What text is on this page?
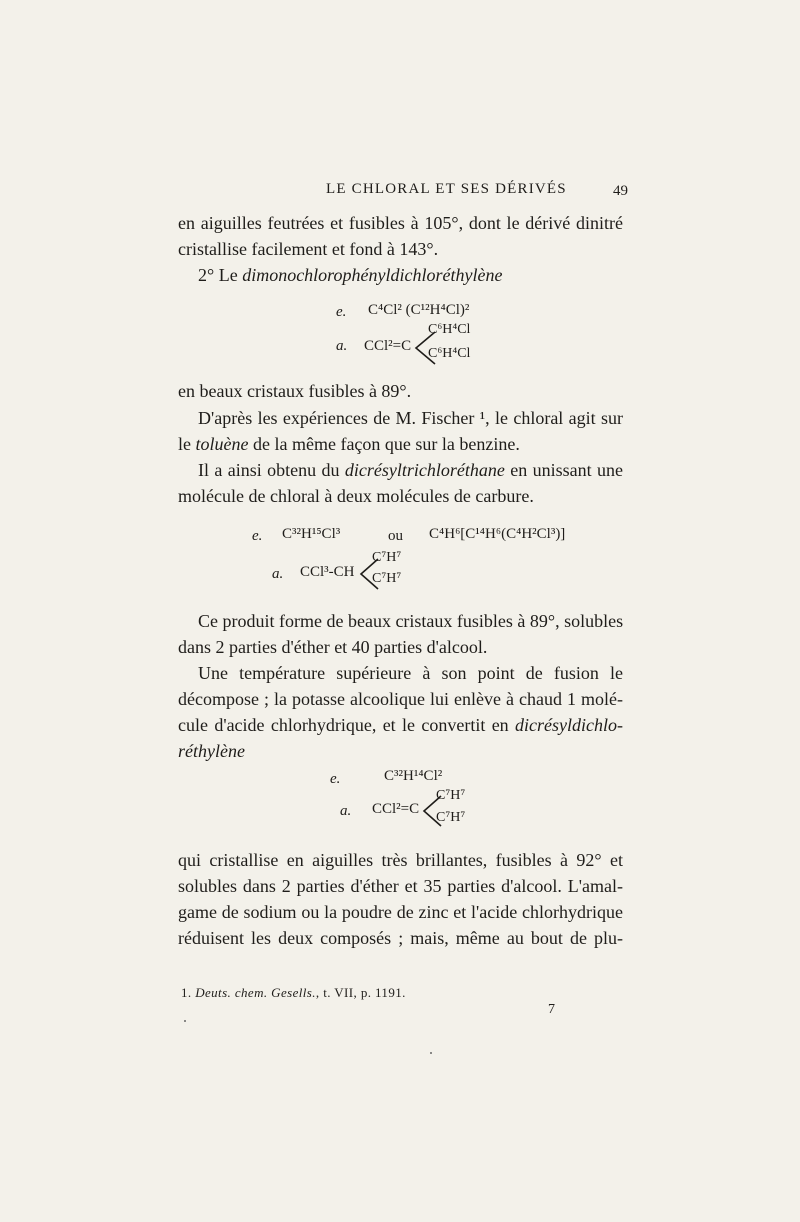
LE CHLORAL ET SES DÉRIVÉS	49
en aiguilles feutrées et fusibles à 105°, dont le dérivé dinitré
cristallise facilement et fond à 143°.
2° Le dimonochlorophényldichloréthylène
e. C⁴Cl² (C¹²H⁴Cl)²
a. CCl²=C
C⁶H⁴Cl
C⁶H⁴Cl
en beaux cristaux fusibles à 89°.
D'après les expériences de M. Fischer ¹, le chloral agit sur
le toluène de la même façon que sur la benzine.
Il a ainsi obtenu du dicrésyltrichloréthane en unissant une
molécule de chloral à deux molécules de carbure.
e. C³²H¹⁵Cl³	ou C⁴H⁶[C¹⁴H⁶(C⁴H²Cl³)]
a. CCl³-CH
C⁷H⁷
C⁷H⁷
Ce produit forme de beaux cristaux fusibles à 89°, solubles
dans 2 parties d'éther et 40 parties d'alcool.
Une température supérieure à son point de fusion le
décompose ; la potasse alcoolique lui enlève à chaud 1 molé-
cule d'acide chlorhydrique, et le convertit en dicrésyldichlo-
réthylène
e.	C³²H¹⁴Cl²
a. CCl²=C
C⁷H⁷
C⁷H⁷
qui cristallise en aiguilles très brillantes, fusibles à 92° et
solubles dans 2 parties d'éther et 35 parties d'alcool. L'amal-
game de sodium ou la poudre de zinc et l'acide chlorhydrique
réduisent les deux composés ; mais, même au bout de plu-
1. Deuts. chem. Gesells., t. VII, p. 1191.
7
